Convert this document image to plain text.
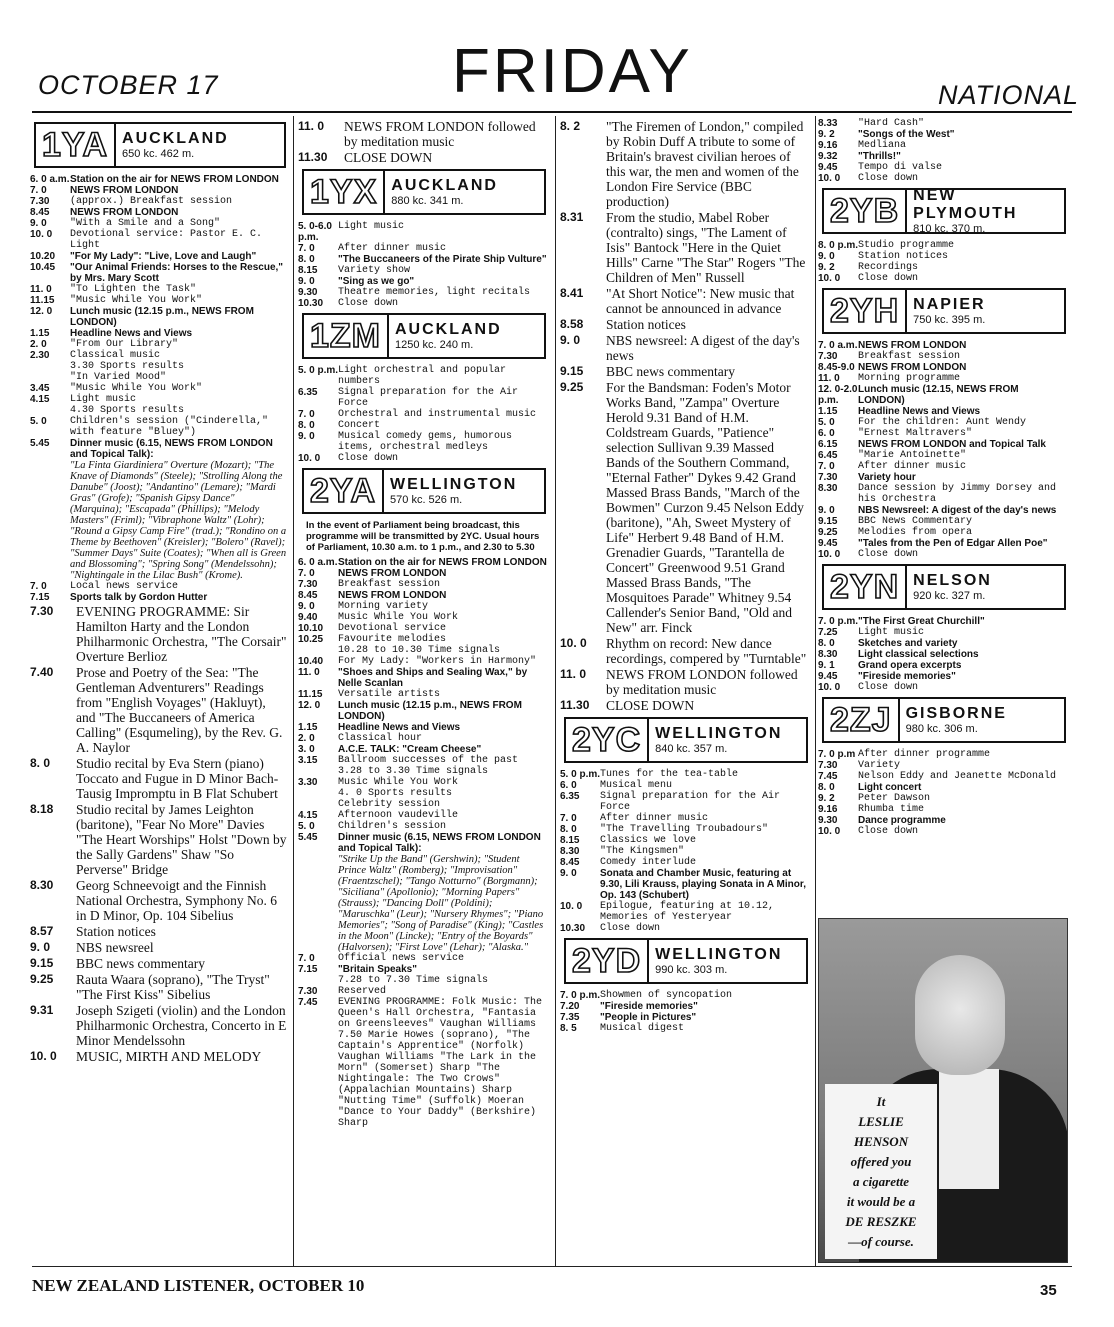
OCTOBER 17	FRIDAY	NATIONAL
1YA AUCKLAND
650 kc. 462 m.
6. 0 a.m. Station on the air for NEWS FROM LONDON
7. 0	NEWS FROM LONDON
7.30	(approx.) Breakfast session
8.45	NEWS FROM LONDON
9. 0	"With a Smile and a Song"
10. 0	Devotional service: Pastor E. C. Light
10.20	"For My Lady": "Live, Love and Laugh"
10.45	"Our Animal Friends: Horses to the Rescue," by Mrs. Mary Scott
11. 0	"To Lighten the Task"
11.15	"Music While You Work"
12. 0	Lunch music (12.15 p.m., NEWS FROM LONDON)
1.15	Headline News and Views
2. 0	"From Our Library"
2.30	Classical music
3.30 Sports results
"In Varied Mood"
3.45	"Music While You Work"
4.15	Light music
4.30 Sports results
5. 0	Children's session ("Cinderella," with feature "Bluey")
5.45	Dinner music (6.15, NEWS FROM LONDON and Topical Talk):
"La Finta Giardiniera" Overture (Mozart); "The Knave of Diamonds" (Steele); "Strolling Along the Danube" (Joost); "Andantino" (Lemare); "Mardi Gras" (Grofe); "Spanish Gipsy Dance" (Marquina); "Escapada" (Phillips); "Melody Masters" (Friml); "Vibraphone Waltz" (Lohr); "Round a Gipsy Camp Fire" (trad.); "Rondino on a Theme by Beethoven" (Kreisler); "Bolero" (Ravel); "Summer Days" Suite (Coates); "When all is Green and Blossoming"; "Spring Song" (Mendelssohn); "Nightingale in the Lilac Bush" (Krome).
7. 0	Local news service
7.15	Sports talk by Gordon Hutter
7.30	EVENING PROGRAMME: Sir Hamilton Harty and the London Philharmonic Orchestra, "The Corsair" Overture Berlioz
7.40	Prose and Poetry of the Sea: "The Gentleman Adventurers" Readings from "English Voyages" (Hakluyt), and "The Buccaneers of America Calling" (Esqumeling), by the Rev. G. A. Naylor
8. 0	Studio recital by Eva Stern (piano) Toccato and Fugue in D Minor Bach-Tausig Impromptu in B Flat Schubert
8.18	Studio recital by James Leighton (baritone), "Fear No More" Davies "The Heart Worships" Holst "Down by the Sally Gardens" Shaw "So Perverse" Bridge
8.30	Georg Schneevoigt and the Finnish National Orchestra, Symphony No. 6 in D Minor, Op. 104 Sibelius
8.57	Station notices
9. 0	NBS newsreel
9.15	BBC news commentary
9.25	Rauta Waara (soprano), "The Tryst" "The First Kiss" Sibelius
9.31	Joseph Szigeti (violin) and the London Philharmonic Orchestra, Concerto in E Minor Mendelssohn
10. 0	MUSIC, MIRTH AND MELODY
11. 0	NEWS FROM LONDON followed by meditation music
11.30	CLOSE DOWN
1YX AUCKLAND
880 kc. 341 m.
5. 0-6.0 p.m.
Light music
7. 0	After dinner music
8. 0	"The Buccaneers of the Pirate Ship Vulture"
8.15	Variety show
9. 0	"Sing as we go"
9.30	Theatre memories, light recitals
10.30	Close down
1ZM AUCKLAND
1250 kc. 240 m.
5. 0 p.m. Light orchestral and popular numbers
6.35	Signal preparation for the Air Force
7. 0	Orchestral and instrumental music
8. 0	Concert
9. 0	Musical comedy gems, humorous items, orchestral medleys
10. 0	Close down
2YA WELLINGTON
570 kc. 526 m.
In the event of Parliament being broadcast, this programme will be transmitted by 2YC. Usual hours of Parliament, 10.30 a.m. to 1 p.m., and 2.30 to 5.30
6. 0 a.m. Station on the air for NEWS FROM LONDON
7. 0	NEWS FROM LONDON
7.30	Breakfast session
8.45	NEWS FROM LONDON
9. 0	Morning variety
9.40	Music While You Work
10.10	Devotional service
10.25	Favourite melodies
10.28 to 10.30 Time signals
10.40	For My Lady: "Workers in Harmony"
11. 0	"Shoes and Ships and Sealing Wax," by Nelle Scanlan
11.15	Versatile artists
12. 0	Lunch music (12.15 p.m., NEWS FROM LONDON)
1.15	Headline News and Views
2. 0	Classical hour
3. 0	A.C.E. TALK: "Cream Cheese"
3.15	Ballroom successes of the past
3.28 to 3.30 Time signals
3.30	Music While You Work
4. 0 Sports results
Celebrity session
4.15	Afternoon vaudeville
5. 0	Children's session
5.45	Dinner music (6.15, NEWS FROM LONDON and Topical Talk):
"Strike Up the Band" (Gershwin); "Student Prince Waltz" (Romberg); "Improvisation" (Fraentzschel); "Tango Notturno" (Borgmann); "Siciliana" (Apollonio); "Morning Papers" (Strauss); "Dancing Doll" (Poldini); "Maruschka" (Leur); "Nursery Rhymes"; "Piano Memories"; "Song of Paradise" (King); "Castles in the Moon" (Lincke); "Entry of the Boyards" (Halvorsen); "First Love" (Lehar); "Alaska."
7. 0	Official news service
7.15	"Britain Speaks"
7.28 to 7.30 Time signals
7.30	Reserved
7.45	EVENING PROGRAMME: Folk Music: The Queen's Hall Orchestra, "Fantasia on Greensleeves" Vaughan Williams 7.50 Marie Howes (soprano), "The Captain's Apprentice" (Norfolk) Vaughan Williams "The Lark in the Morn" (Somerset) Sharp "The Nightingale: The Two Crows" (Appalachian Mountains) Sharp "Nutting Time" (Suffolk) Moeran "Dance to Your Daddy" (Berkshire) Sharp
8. 2	"The Firemen of London," compiled by Robin Duff A tribute to some of Britain's bravest civilian heroes of this war, the men and women of the London Fire Service (BBC production)
8.31	From the studio, Mabel Rober (contralto) sings, "The Lament of Isis" Bantock "Here in the Quiet Hills" Carne "The Star" Rogers "The Children of Men" Russell
8.41	"At Short Notice": New music that cannot be announced in advance
8.58	Station notices
9. 0	NBS newsreel: A digest of the day's news
9.15	BBC news commentary
9.25	For the Bandsman: Foden's Motor Works Band, "Zampa" Overture Herold 9.31 Band of H.M. Coldstream Guards, "Patience" selection Sullivan 9.39 Massed Bands of the Southern Command, "Eternal Father" Dykes 9.42 Grand Massed Brass Bands, "March of the Bowmen" Curzon 9.45 Nelson Eddy (baritone), "Ah, Sweet Mystery of Life" Herbert 9.48 Band of H.M. Grenadier Guards, "Tarantella de Concert" Greenwood 9.51 Grand Massed Brass Bands, "The Mosquitoes Parade" Whitney 9.54 Callender's Senior Band, "Old and New" arr. Finck
10. 0	Rhythm on record: New dance recordings, compered by "Turntable"
11. 0	NEWS FROM LONDON followed by meditation music
11.30	CLOSE DOWN
2YC WELLINGTON
840 kc. 357 m.
5. 0 p.m. Tunes for the tea-table
6. 0	Musical menu
6.35	Signal preparation for the Air Force
7. 0	After dinner music
8. 0	"The Travelling Troubadours"
8.15	Classics we love
8.30	"The Kingsmen"
8.45	Comedy interlude
9. 0	Sonata and Chamber Music, featuring at 9.30, Lili Krauss, playing Sonata in A Minor, Op. 143 (Schubert)
10. 0	Epilogue, featuring at 10.12, Memories of Yesteryear
10.30	Close down
2YD WELLINGTON
990 kc. 303 m.
7. 0 p.m. Showmen of syncopation
7.20	"Fireside memories"
7.35	"People in Pictures"
8. 5	Musical digest
8.33	"Hard Cash"
9. 2	"Songs of the West"
9.16	Medliana
9.32	"Thrills!"
9.45	Tempo di valse
10. 0	Close down
2YB NEW PLYMOUTH
810 kc. 370 m.
8. 0 p.m. Studio programme
9. 0	Station notices
9. 2	Recordings
10. 0	Close down
2YH NAPIER
750 kc. 395 m.
7. 0 a.m. NEWS FROM LONDON
7.30	Breakfast session
8.45-9.0 NEWS FROM LONDON
11. 0	Morning programme
12. 0-2.0 p.m.
Lunch music (12.15, NEWS FROM LONDON)
1.15	Headline News and Views
5. 0	For the children: Aunt Wendy
6. 0	"Ernest Maltravers"
6.15	NEWS FROM LONDON and Topical Talk
6.45	"Marie Antoinette"
7. 0	After dinner music
7.30	Variety hour
8.30	Dance session by Jimmy Dorsey and his Orchestra
9. 0	NBS Newsreel: A digest of the day's news
9.15	BBC News Commentary
9.25	Melodies from opera
9.45	"Tales from the Pen of Edgar Allen Poe"
10. 0	Close down
2YN NELSON
920 kc. 327 m.
7. 0 p.m. "The First Great Churchill"
7.25	Light music
8. 0	Sketches and variety
8.30	Light classical selections
9. 1	Grand opera excerpts
9.45	"Fireside memories"
10. 0	Close down
2ZJ GISBORNE
980 kc. 306 m.
7. 0 p.m After dinner programme
7.30	Variety
7.45	Nelson Eddy and Jeanette McDonald
8. 0	Light concert
9. 2	Peter Dawson
9.16	Rhumba time
9.30	Dance programme
10. 0	Close down
It
LESLIE
HENSON
offered you
a cigarette
it would be a
DE RESZKE
—of course.
NEW ZEALAND LISTENER, OCTOBER 10	35
